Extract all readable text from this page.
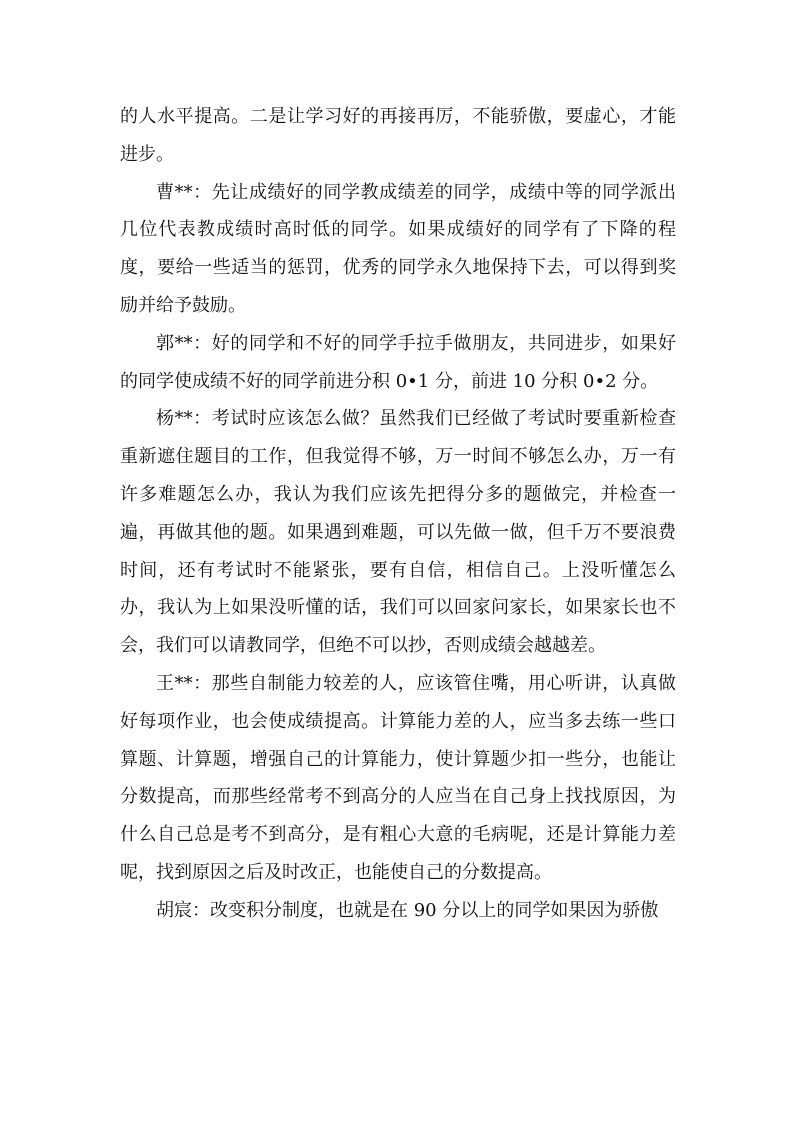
的人水平提高。二是让学习好的再接再厉，不能骄傲，要虚心，才能进步。

曹**：先让成绩好的同学教成绩差的同学，成绩中等的同学派出几位代表教成绩时高时低的同学。如果成绩好的同学有了下降的程度，要给一些适当的惩罚，优秀的同学永久地保持下去，可以得到奖励并给予鼓励。

郭**：好的同学和不好的同学手拉手做朋友，共同进步，如果好的同学使成绩不好的同学前进分积 0•1 分，前进 10 分积 0•2 分。

杨**：考试时应该怎么做？虽然我们已经做了考试时要重新检查重新遮住题目的工作，但我觉得不够，万一时间不够怎么办，万一有许多难题怎么办，我认为我们应该先把得分多的题做完，并检查一遍，再做其他的题。如果遇到难题，可以先做一做，但千万不要浪费时间，还有考试时不能紧张，要有自信，相信自己。上没听懂怎么办，我认为上如果没听懂的话，我们可以回家问家长，如果家长也不会，我们可以请教同学，但绝不可以抄，否则成绩会越越差。

王**：那些自制能力较差的人，应该管住嘴，用心听讲，认真做好每项作业，也会使成绩提高。计算能力差的人，应当多去练一些口算题、计算题，增强自己的计算能力，使计算题少扣一些分，也能让分数提高，而那些经常考不到高分的人应当在自己身上找找原因，为什么自己总是考不到高分，是有粗心大意的毛病呢，还是计算能力差呢，找到原因之后及时改正，也能使自己的分数提高。

胡宸：改变积分制度，也就是在 90 分以上的同学如果因为骄傲
